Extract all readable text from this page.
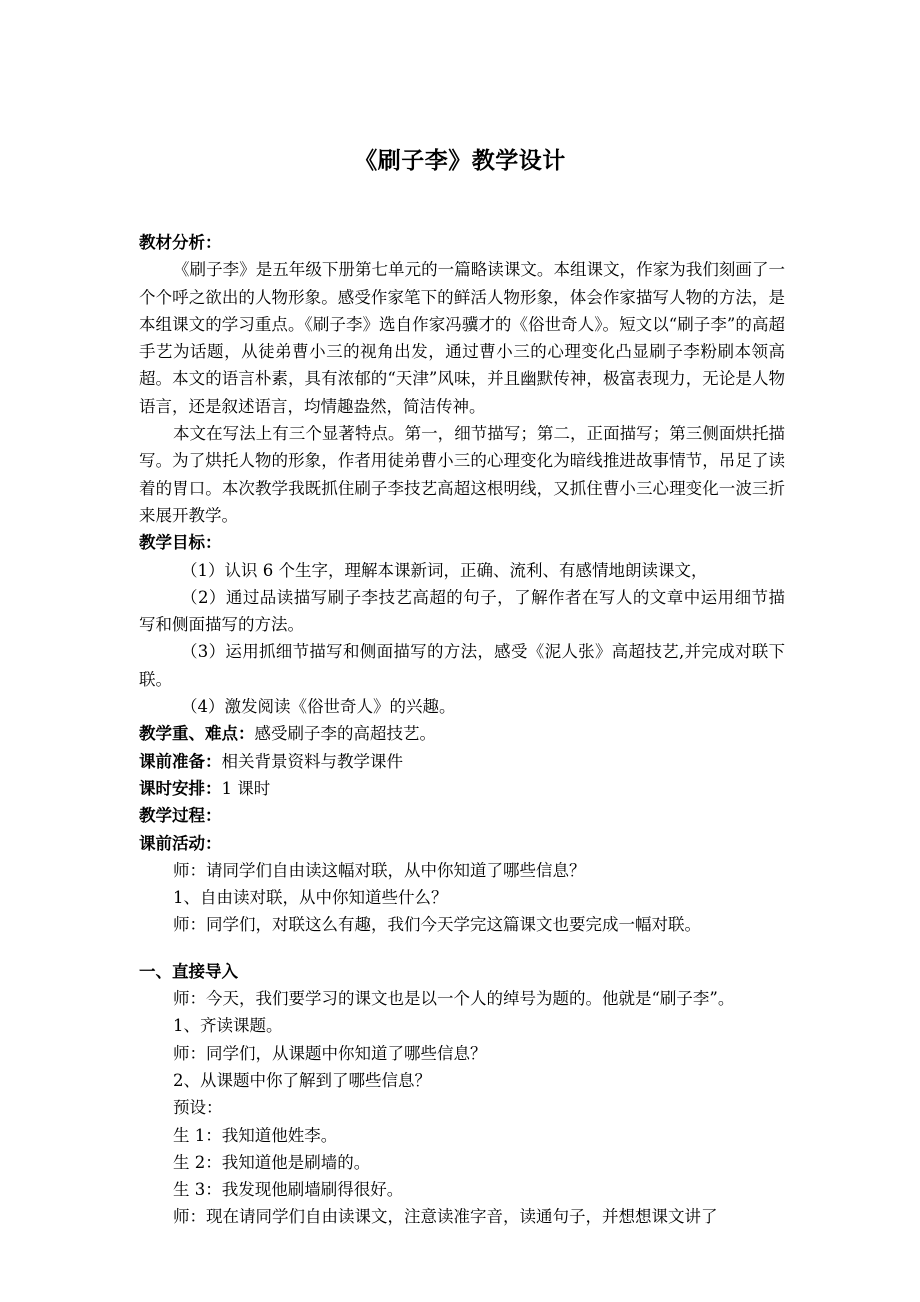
《刷子李》教学设计

教材分析：

《刷子李》是五年级下册第七单元的一篇略读课文。本组课文，作家为我们刻画了一个个呼之欲出的人物形象。感受作家笔下的鲜活人物形象，体会作家描写人物的方法，是本组课文的学习重点。《刷子李》选自作家冯骥才的《俗世奇人》。短文以“刷子李”的高超手艺为话题，从徒弟曹小三的视角出发，通过曹小三的心理变化凸显刷子李粉刷本领高超。本文的语言朴素，具有浓郁的“天津”风味，并且幽默传神，极富表现力，无论是人物语言，还是叙述语言，均情趣盎然，简洁传神。

本文在写法上有三个显著特点。第一，细节描写；第二，正面描写；第三侧面烘托描写。为了烘托人物的形象，作者用徒弟曹小三的心理变化为暗线推进故事情节，吊足了读着的胃口。本次教学我既抓住刷子李技艺高超这根明线，又抓住曹小三心理变化一波三折来展开教学。

教学目标：

（1）认识 6 个生字，理解本课新词，正确、流利、有感情地朗读课文，

（2）通过品读描写刷子李技艺高超的句子，了解作者在写人的文章中运用细节描写和侧面描写的方法。

（3）运用抓细节描写和侧面描写的方法，感受《泥人张》高超技艺,并完成对联下联。

（4）激发阅读《俗世奇人》的兴趣。

教学重、难点：感受刷子李的高超技艺。

课前准备：相关背景资料与教学课件

课时安排：1 课时

教学过程：

课前活动：

师：请同学们自由读这幅对联，从中你知道了哪些信息？

1、自由读对联，从中你知道些什么？

师：同学们，对联这么有趣，我们今天学完这篇课文也要完成一幅对联。

一、直接导入

师：今天，我们要学习的课文也是以一个人的绰号为题的。他就是“刷子李”。

1、齐读课题。

师：同学们，从课题中你知道了哪些信息？

2、从课题中你了解到了哪些信息？

预设：

生 1：我知道他姓李。

生 2：我知道他是刷墙的。

生 3：我发现他刷墙刷得很好。

师：现在请同学们自由读课文，注意读准字音，读通句子，并想想课文讲了
